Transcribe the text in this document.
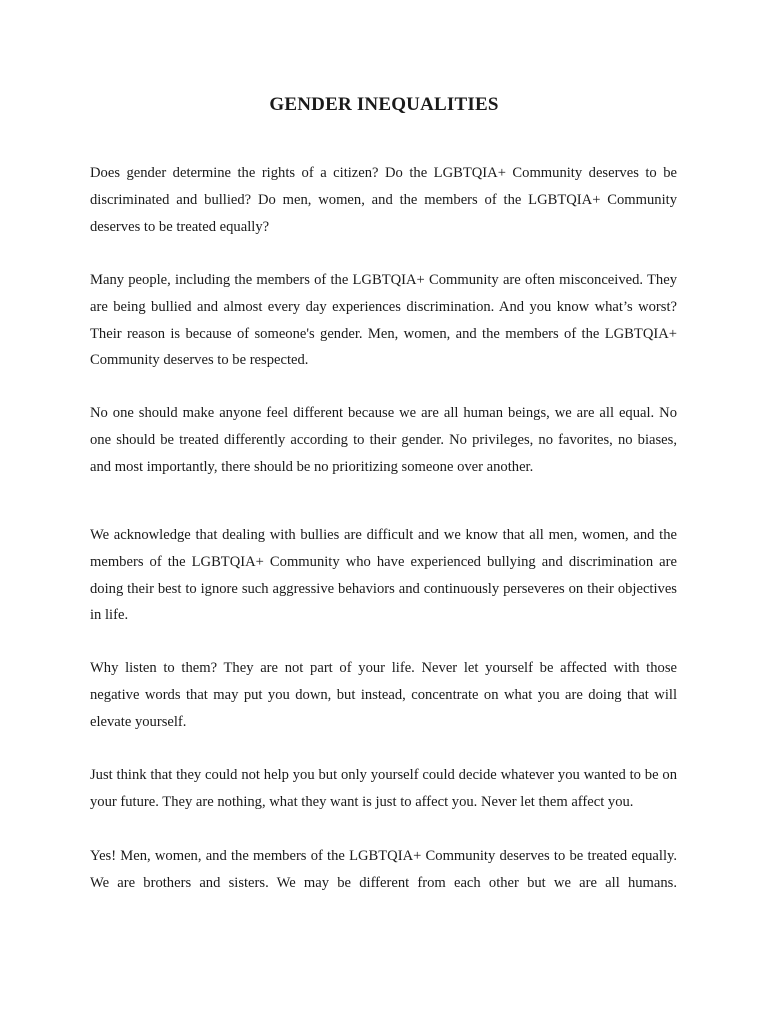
GENDER INEQUALITIES

Does gender determine the rights of a citizen? Do the LGBTQIA+ Community deserves to be discriminated and bullied? Do men, women, and the members of the LGBTQIA+ Community deserves to be treated equally?

Many people, including the members of the LGBTQIA+ Community are often misconceived. They are being bullied and almost every day experiences discrimination. And you know what’s worst? Their reason is because of someone's gender. Men, women, and the members of the LGBTQIA+ Community deserves to be respected.

No one should make anyone feel different because we are all human beings, we are all equal. No one should be treated differently according to their gender. No privileges, no favorites, no biases, and most importantly, there should be no prioritizing someone over another.

We acknowledge that dealing with bullies are difficult and we know that all men, women, and the members of the LGBTQIA+ Community who have experienced bullying and discrimination are doing their best to ignore such aggressive behaviors and continuously perseveres on their objectives in life.

Why listen to them? They are not part of your life. Never let yourself be affected with those negative words that may put you down, but instead, concentrate on what you are doing that will elevate yourself.

Just think that they could not help you but only yourself could decide whatever you wanted to be on your future. They are nothing, what they want is just to affect you. Never let them affect you.

Yes! Men, women, and the members of the LGBTQIA+ Community deserves to be treated equally. We are brothers and sisters. We may be different from each other but we are all humans.
